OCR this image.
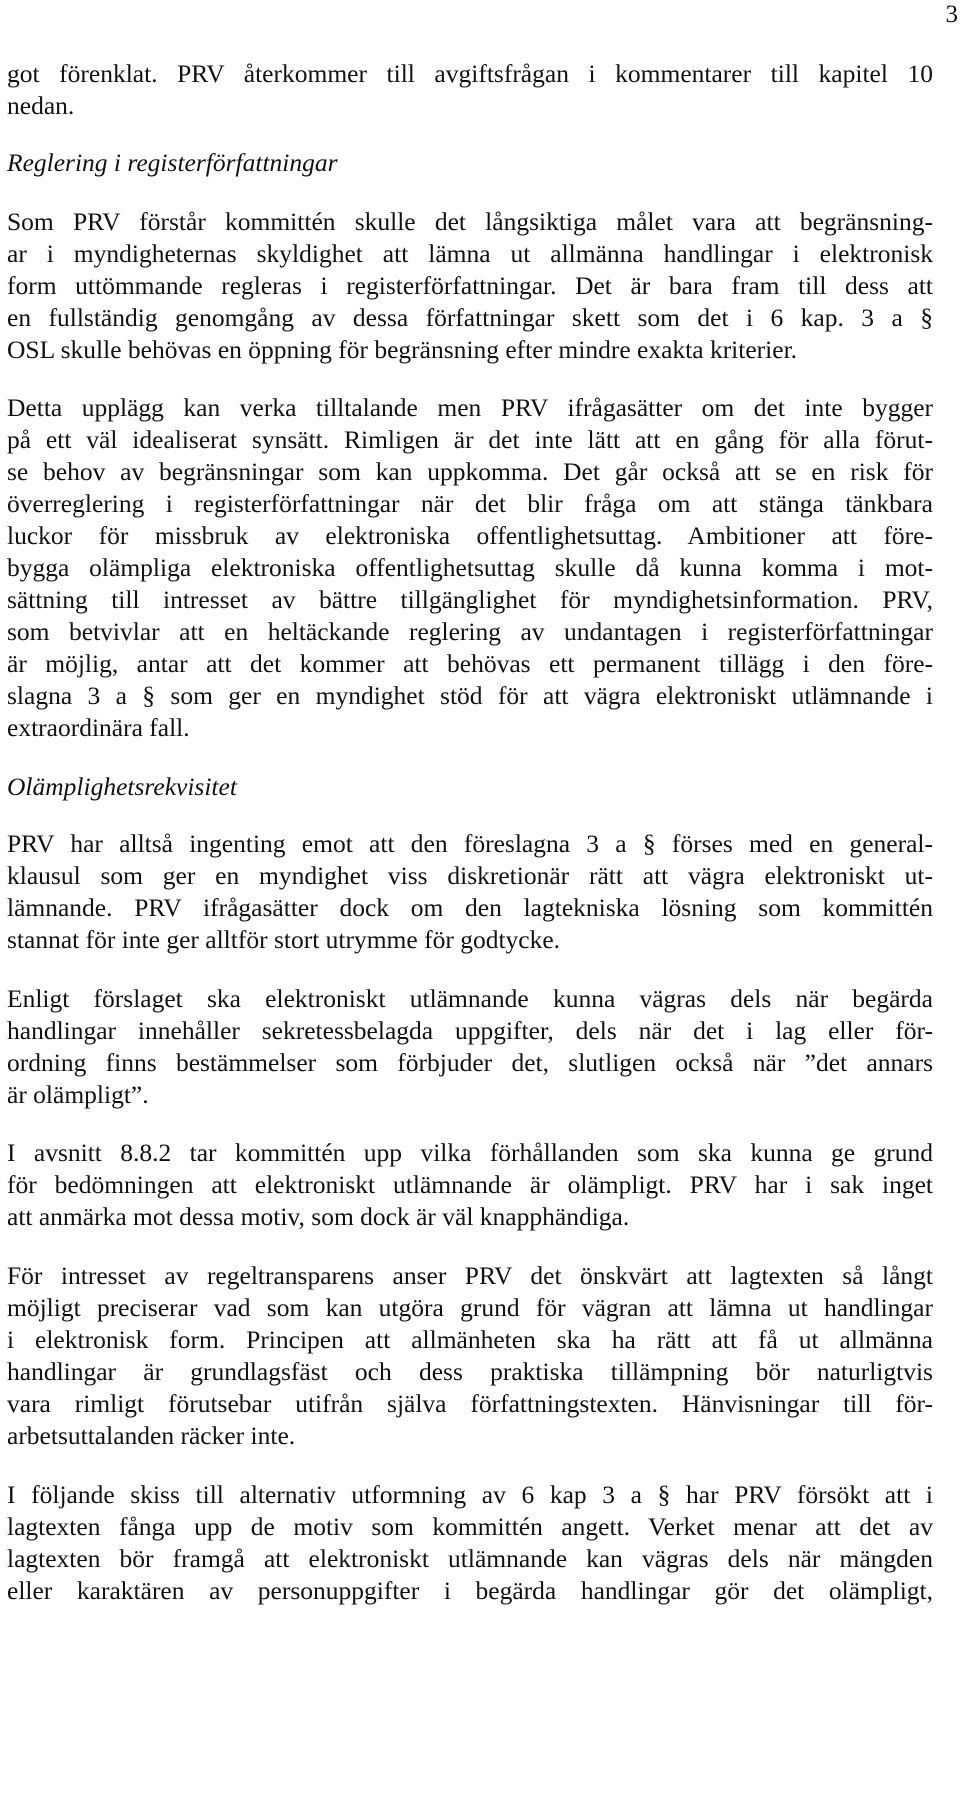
3

got förenklat. PRV återkommer till avgiftsfrågan i kommentarer till kapitel 10

nedan.

Reglering i registerförfattningar

Som PRV förstår kommittén skulle det långsiktiga målet vara att begränsning-

ar i myndigheternas skyldighet att lämna ut allmänna handlingar i elektronisk

form uttömmande regleras i registerförfattningar. Det är bara fram till dess att

en fullständig genomgång av dessa författningar skett som det i 6 kap. 3 a §

OSL skulle behövas en öppning för begränsning efter mindre exakta kriterier.

Detta upplägg kan verka tilltalande men PRV ifrågasätter om det inte bygger

på ett väl idealiserat synsätt. Rimligen är det inte lätt att en gång för alla förut-

se behov av begränsningar som kan uppkomma. Det går också att se en risk för

överreglering i registerförfattningar när det blir fråga om att stänga tänkbara

luckor för missbruk av elektroniska offentlighetsuttag. Ambitioner att före-

bygga olämpliga elektroniska offentlighetsuttag skulle då kunna komma i mot-

sättning till intresset av bättre tillgänglighet för myndighetsinformation. PRV,

som betvivlar att en heltäckande reglering av undantagen i registerförfattningar

är möjlig, antar att det kommer att behövas ett permanent tillägg i den före-

slagna 3 a § som ger en myndighet stöd för att vägra elektroniskt utlämnande i

extraordinära fall.

Olämplighetsrekvisitet

PRV har alltså ingenting emot att den föreslagna 3 a § förses med en general-

klausul som ger en myndighet viss diskretionär rätt att vägra elektroniskt ut-

lämnande. PRV ifrågasätter dock om den lagtekniska lösning som kommittén

stannat för inte ger alltför stort utrymme för godtycke.

Enligt förslaget ska elektroniskt utlämnande kunna vägras dels när begärda

handlingar innehåller sekretessbelagda uppgifter, dels när det i lag eller för-

ordning finns bestämmelser som förbjuder det, slutligen också när ”det annars

är olämpligt”.

I avsnitt 8.8.2 tar kommittén upp vilka förhållanden som ska kunna ge grund

för bedömningen att elektroniskt utlämnande är olämpligt. PRV har i sak inget

att anmärka mot dessa motiv, som dock är väl knapphändiga.

För intresset av regeltransparens anser PRV det önskvärt att lagtexten så långt

möjligt preciserar vad som kan utgöra grund för vägran att lämna ut handlingar

i elektronisk form. Principen att allmänheten ska ha rätt att få ut allmänna

handlingar är grundlagsfäst och dess praktiska tillämpning bör naturligtvis

vara rimligt förutsebar utifrån själva författningstexten. Hänvisningar till för-

arbetsuttalanden räcker inte.

I följande skiss till alternativ utformning av 6 kap 3 a § har PRV försökt att i

lagtexten fånga upp de motiv som kommittén angett. Verket menar att det av

lagtexten bör framgå att elektroniskt utlämnande kan vägras dels när mängden

eller karaktären av personuppgifter i begärda handlingar gör det olämpligt,
